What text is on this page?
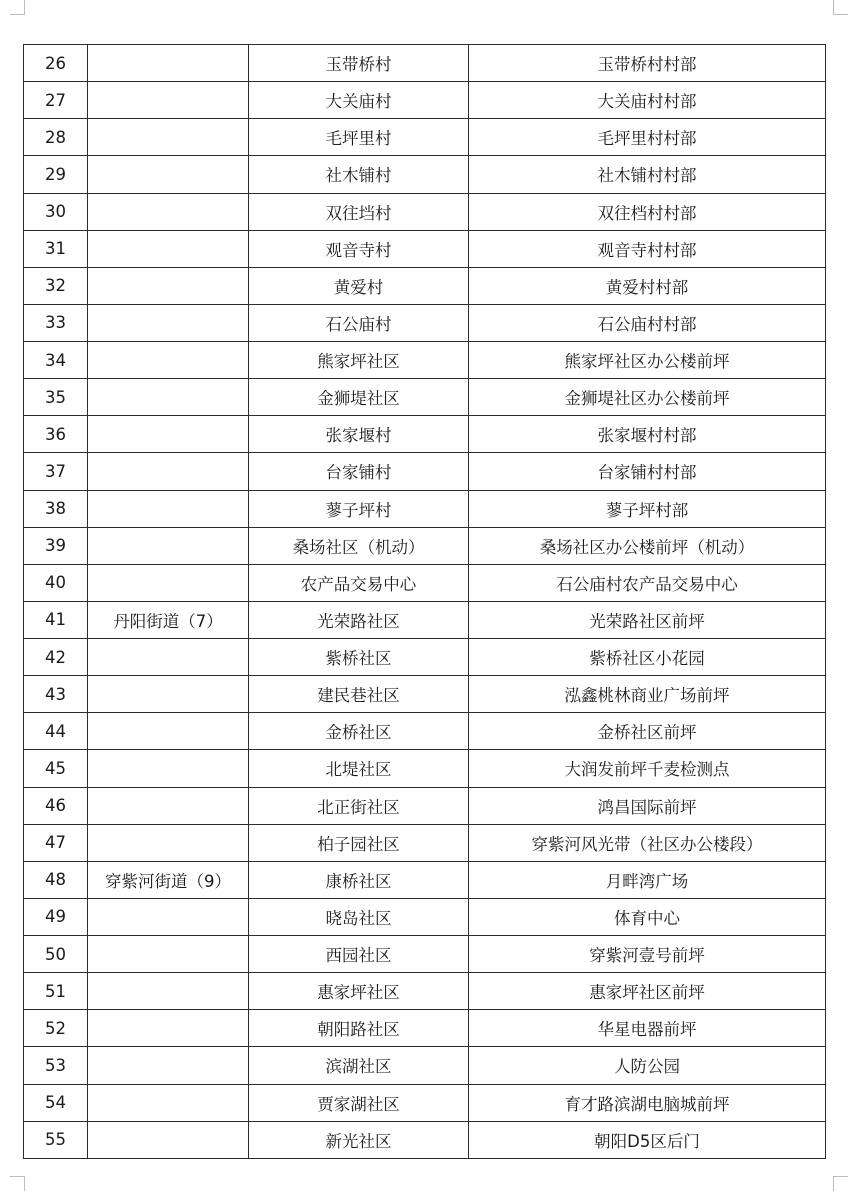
26		玉带桥村	玉带桥村村部
27		大关庙村	大关庙村村部
28		毛坪里村	毛坪里村村部
29		社木铺村	社木铺村村部
30		双往垱村	双往档村村部
31		观音寺村	观音寺村村部
32		黄爱村	黄爱村村部
33		石公庙村	石公庙村村部
34		熊家坪社区	熊家坪社区办公楼前坪
35		金狮堤社区	金狮堤社区办公楼前坪
36		张家堰村	张家堰村村部
37		台家铺村	台家铺村村部
38		蓼子坪村	蓼子坪村部
39		桑场社区（机动）	桑场社区办公楼前坪（机动）
40		农产品交易中心	石公庙村农产品交易中心
41	丹阳街道（7）	光荣路社区	光荣路社区前坪
42		紫桥社区	紫桥社区小花园
43		建民巷社区	泓鑫桃林商业广场前坪
44		金桥社区	金桥社区前坪
45		北堤社区	大润发前坪千麦检测点
46		北正街社区	鸿昌国际前坪
47		柏子园社区	穿紫河风光带（社区办公楼段）
48	穿紫河街道（9）	康桥社区	月畔湾广场
49		晓岛社区	体育中心
50		西园社区	穿紫河壹号前坪
51		惠家坪社区	惠家坪社区前坪
52		朝阳路社区	华星电器前坪
53		滨湖社区	人防公园
54		贾家湖社区	育才路滨湖电脑城前坪
55		新光社区	朝阳D5区后门
